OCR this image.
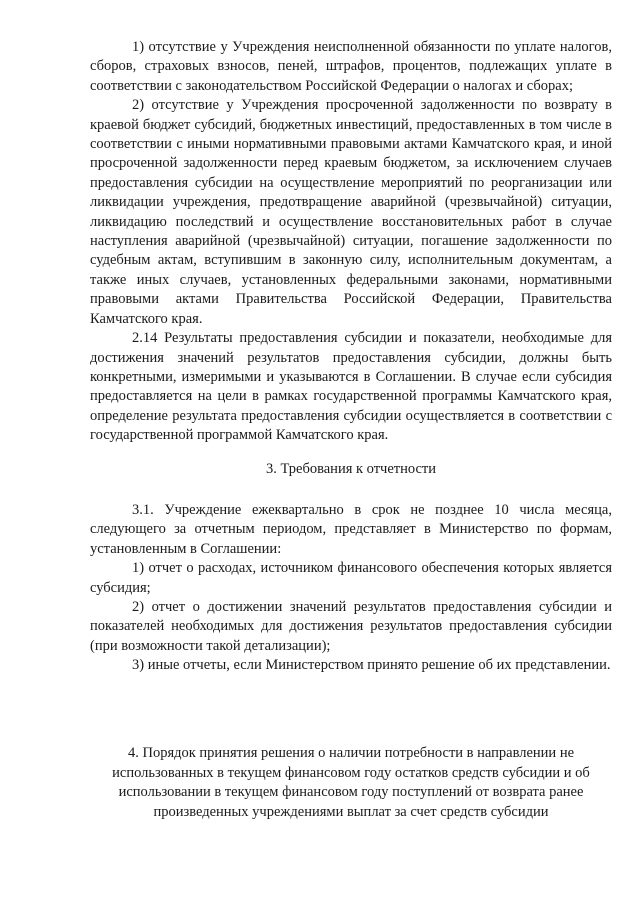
1) отсутствие у Учреждения неисполненной обязанности по уплате налогов, сборов, страховых взносов, пеней, штрафов, процентов, подлежащих уплате в соответствии с законодательством Российской Федерации о налогах и сборах;

2) отсутствие у Учреждения просроченной задолженности по возврату в краевой бюджет субсидий, бюджетных инвестиций, предоставленных в том числе в соответствии с иными нормативными правовыми актами Камчатского края, и иной просроченной задолженности перед краевым бюджетом, за исключением случаев предоставления субсидии на осуществление мероприятий по реорганизации или ликвидации учреждения, предотвращение аварийной (чрезвычайной) ситуации, ликвидацию последствий и осуществление восстановительных работ в случае наступления аварийной (чрезвычайной) ситуации, погашение задолженности по судебным актам, вступившим в законную силу, исполнительным документам, а также иных случаев, установленных федеральными законами, нормативными правовыми актами Правительства Российской Федерации, Правительства Камчатского края.

2.14 Результаты предоставления субсидии и показатели, необходимые для достижения значений результатов предоставления субсидии, должны быть конкретными, измеримыми и указываются в Соглашении. В случае если субсидия предоставляется на цели в рамках государственной программы Камчатского края, определение результата предоставления субсидии осуществляется в соответствии с государственной программой Камчатского края.

3. Требования к отчетности

3.1. Учреждение ежеквартально в срок не позднее 10 числа месяца, следующего за отчетным периодом, представляет в Министерство по формам, установленным в Соглашении:

1) отчет о расходах, источником финансового обеспечения которых является субсидия;

2) отчет о достижении значений результатов предоставления субсидии и показателей необходимых для достижения результатов предоставления субсидии (при возможности такой детализации);

3) иные отчеты, если Министерством принято решение об их представлении.

4. Порядок принятия решения о наличии потребности в направлении не использованных в текущем финансовом году остатков средств субсидии и об использовании в текущем финансовом году поступлений от возврата ранее произведенных учреждениями выплат за счет средств субсидии
